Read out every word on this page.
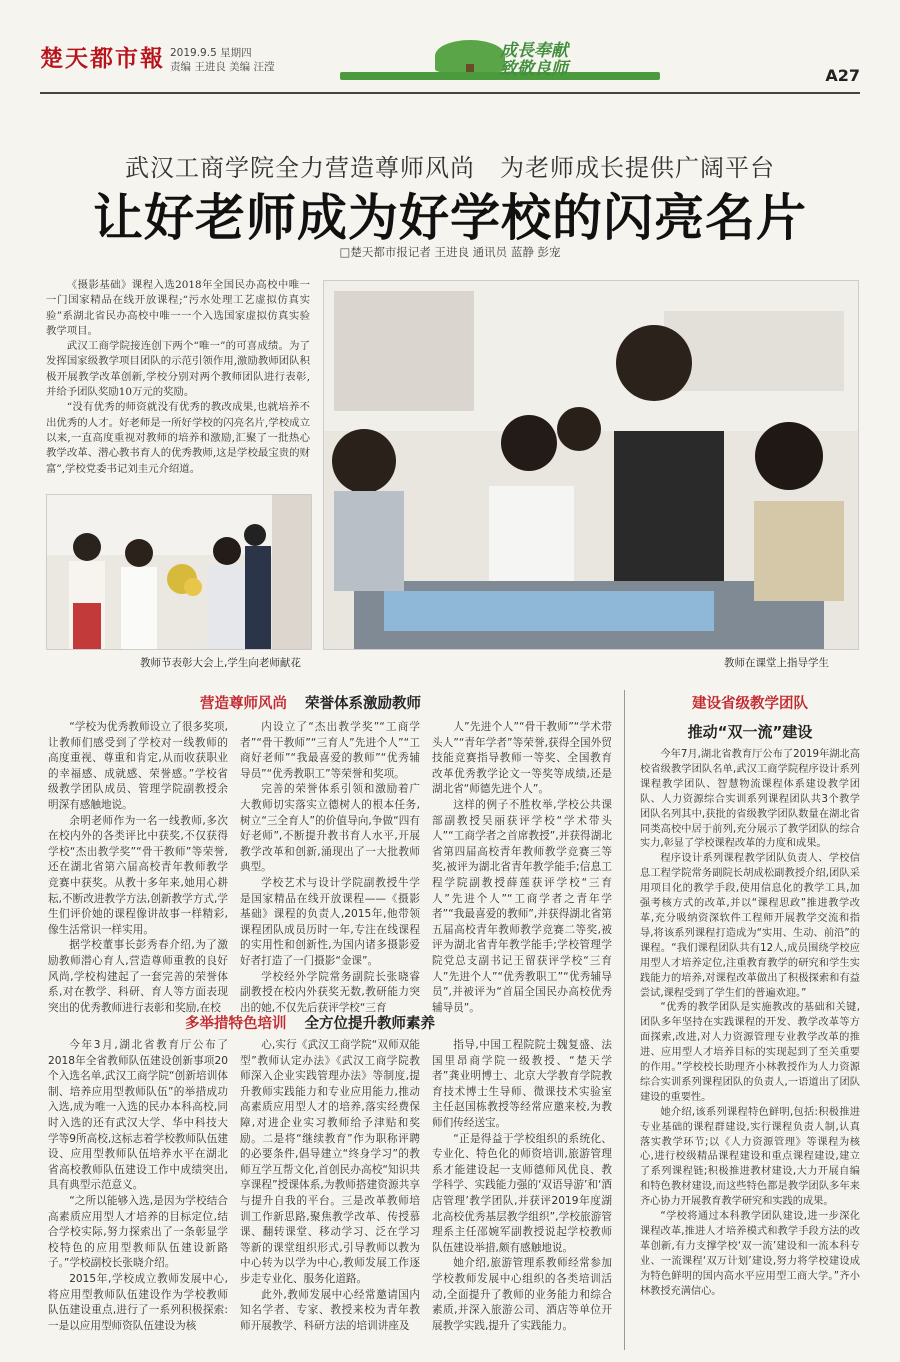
楚天都市報 2019.9.5 星期四
责编 王进良 美编 汪滢
成長奉献
致敬良师	A27
武汉工商学院全力营造尊师风尚　为老师成长提供广阔平台
让好老师成为好学校的闪亮名片
□楚天都市报记者 王进良 通讯员 蓝静 彭宠

《摄影基础》课程入选2018年全国民办高校中唯一一门国家精品在线开放课程;“污水处理工艺虚拟仿真实验”系湖北省民办高校中唯一一个入选国家虚拟仿真实验教学项目。

武汉工商学院接连创下两个“唯一”的可喜成绩。为了发挥国家级教学项目团队的示范引领作用,激励教师团队积极开展教学改革创新,学校分别对两个教师团队进行表彰,并给予团队奖励10万元的奖励。

“没有优秀的师资就没有优秀的教改成果,也就培养不出优秀的人才。好老师是一所好学校的闪亮名片,学校成立以来,一直高度重视对教师的培养和激励,汇聚了一批热心教学改革、潜心教书育人的优秀教师,这是学校最宝贵的财富”,学校党委书记刘圭元介绍道。

教师节表彰大会上,学生向老师献花	教师在课堂上指导学生
营造尊师风尚 荣誉体系激励教师

“学校为优秀教师设立了很多奖项,让教师们感受到了学校对一线教师的高度重视、尊重和肯定,从而收获职业的幸福感、成就感、荣誉感。”学校省级教学团队成员、管理学院副教授余明深有感触地说。

余明老师作为一名一线教师,多次在校内外的各类评比中获奖,不仅获得学校“杰出教学奖”“骨干教师”等荣誉,还在湖北省第六届高校青年教师教学竞赛中获奖。从教十多年来,她用心耕耘,不断改进教学方法,创新教学方式,学生们评价她的课程像讲故事一样精彩,像生活常识一样实用。

据学校董事长彭秀春介绍,为了激励教师潜心育人,营造尊师重教的良好风尚,学校构建起了一套完善的荣誉体系,对在教学、科研、育人等方面表现突出的优秀教师进行表彰和奖励,在校

内设立了“杰出教学奖”“工商学者”“骨干教师”“三育人”先进个人”“工商好老师”“我最喜爱的教师”“优秀辅导员”“优秀教职工”等荣誉和奖项。

完善的荣誉体系引领和激励着广大教师切实落实立德树人的根本任务,树立“三全育人”的价值导向,争做“四有好老师”,不断提升教书育人水平,开展教学改革和创新,涌现出了一大批教师典型。

学校艺术与设计学院副教授牛学是国家精品在线开放课程——《摄影基础》课程的负责人,2015年,他带领课程团队成员历时一年,专注在线课程的实用性和创新性,为国内诸多摄影爱好者打造了一门摄影“金课”。

学校经外学院常务副院长张晓睿副教授在校内外获奖无数,教研能力突出的她,不仅先后获评学校“三育

人”先进个人”“骨干教师”“学术带头人”“青年学者”等荣誉,获得全国外贸技能竞赛指导教师一等奖、全国教育改革优秀教学论文一等奖等成绩,还是湖北省“师德先进个人”。

这样的例子不胜枚举,学校公共课部副教授吴丽获评学校“学术带头人”“工商学者之首席教授”,并获得湖北省第四届高校青年教师教学竞赛三等奖,被评为湖北省青年教学能手;信息工程学院副教授薛莲获评学校“三育人”先进个人”“工商学者之青年学者”“我最喜爱的教师”,并获得湖北省第五届高校青年教师教学竞赛二等奖,被评为湖北省青年教学能手;学校管理学院党总支副书记王留获评学校“三育人”先进个人”“优秀教职工”“优秀辅导员”,并被评为“首届全国民办高校优秀辅导员”。

多举措特色培训 全方位提升教师素养

今年3月,湖北省教育厅公布了2018年全省教师队伍建设创新事项20个入选名单,武汉工商学院“创新培训体制、培养应用型教师队伍”的举措成功入选,成为唯一入选的民办本科高校,同时入选的还有武汉大学、华中科技大学等9所高校,这标志着学校教师队伍建设、应用型教师队伍培养水平在湖北省高校教师队伍建设工作中成绩突出,具有典型示范意义。

“之所以能够入选,是因为学校结合高素质应用型人才培养的目标定位,结合学校实际,努力探索出了一条彰显学校特色的应用型教师队伍建设新路子。”学校副校长张晓介绍。

2015年,学校成立教师发展中心,将应用型教师队伍建设作为学校教师队伍建设重点,进行了一系列积极探索:一是以应用型师资队伍建设为核

心,实行《武汉工商学院“双师双能型”教师认定办法》《武汉工商学院教师深入企业实践管理办法》等制度,提升教师实践能力和专业应用能力,推动高素质应用型人才的培养,落实经费保障,对进企业实习教师给予津贴和奖励。二是将“继续教育”作为职称评聘的必要条件,倡导建立“终身学习”的教师互学互帮文化,首创民办高校“知识共享课程”授课体系,为教师搭建资源共享与提升自我的平台。三是改革教师培训工作新思路,聚焦教学改革、传授慕课、翻转课堂、移动学习、泛在学习等新的课堂组织形式,引导教师以教为中心转为以学为中心,教师发展工作逐步走专业化、服务化道路。

此外,教师发展中心经常邀请国内知名学者、专家、教授来校为青年教师开展教学、科研方法的培训讲座及

指导,中国工程院院士魏复盛、法国里昂商学院一级教授、“楚天学者”龚业明博士、北京大学教育学院教育技术博士生导师、微课技术实验室主任赵国栋教授等经常应邀来校,为教师们传经送宝。

“正是得益于学校组织的系统化、专业化、特色化的师资培训,旅游管理系才能建设起一支师德师风优良、教学科学、实践能力强的‘双语导游’和‘酒店管理’教学团队,并获评2019年度湖北高校优秀基层教学组织”,学校旅游管理系主任邵婉军副教授说起学校教师队伍建设举措,颇有感触地说。

她介绍,旅游管理系教师经常参加学校教师发展中心组织的各类培训活动,全面提升了教师的业务能力和综合素质,并深入旅游公司、酒店等单位开展教学实践,提升了实践能力。

建设省级教学团队
推动“双一流”建设

今年7月,湖北省教育厅公布了2019年湖北高校省级教学团队名单,武汉工商学院程序设计系列课程教学团队、智慧物流课程体系建设教学团队、人力资源综合实训系列课程团队共3个教学团队名列其中,获批的省级教学团队数量在湖北省同类高校中居于前列,充分展示了教学团队的综合实力,彰显了学校课程改革的力度和成果。

程序设计系列课程教学团队负责人、学校信息工程学院常务副院长胡成松副教授介绍,团队采用项目化的教学手段,使用信息化的教学工具,加强考核方式的改革,并以“课程思政”推进教学改革,充分吸纳资深软件工程师开展教学交流和指导,将该系列课程打造成为“实用、生动、前沿”的课程。“我们课程团队共有12人,成员围绕学校应用型人才培养定位,注重教育教学的研究和学生实践能力的培养,对课程改革做出了积极探索和有益尝试,课程受到了学生们的普遍欢迎。”

“优秀的教学团队是实施教改的基础和关键,团队多年坚持在实践课程的开发、教学改革等方面探索,改进,对人力资源管理专业教学改革的推进、应用型人才培养目标的实现起到了至关重要的作用。”学校校长助理齐小林教授作为人力资源综合实训系列课程团队的负责人,一语道出了团队建设的重要性。

她介绍,该系列课程特色鲜明,包括:积极推进专业基础的课程群建设,实行课程负责人制,认真落实教学环节;以《人力资源管理》等课程为核心,进行校级精品课程建设和重点课程建设,建立了系列课程链;积极推进教材建设,大力开展自编和特色教材建设,而这些特色都是教学团队多年来齐心协力开展教育教学研究和实践的成果。

“学校将通过本科教学团队建设,进一步深化课程改革,推进人才培养模式和教学手段方法的改革创新,有力支撑学校‘双一流’建设和一流本科专业、一流课程‘双万计划’建设,努力将学校建设成为特色鲜明的国内高水平应用型工商大学。”齐小林教授充满信心。
